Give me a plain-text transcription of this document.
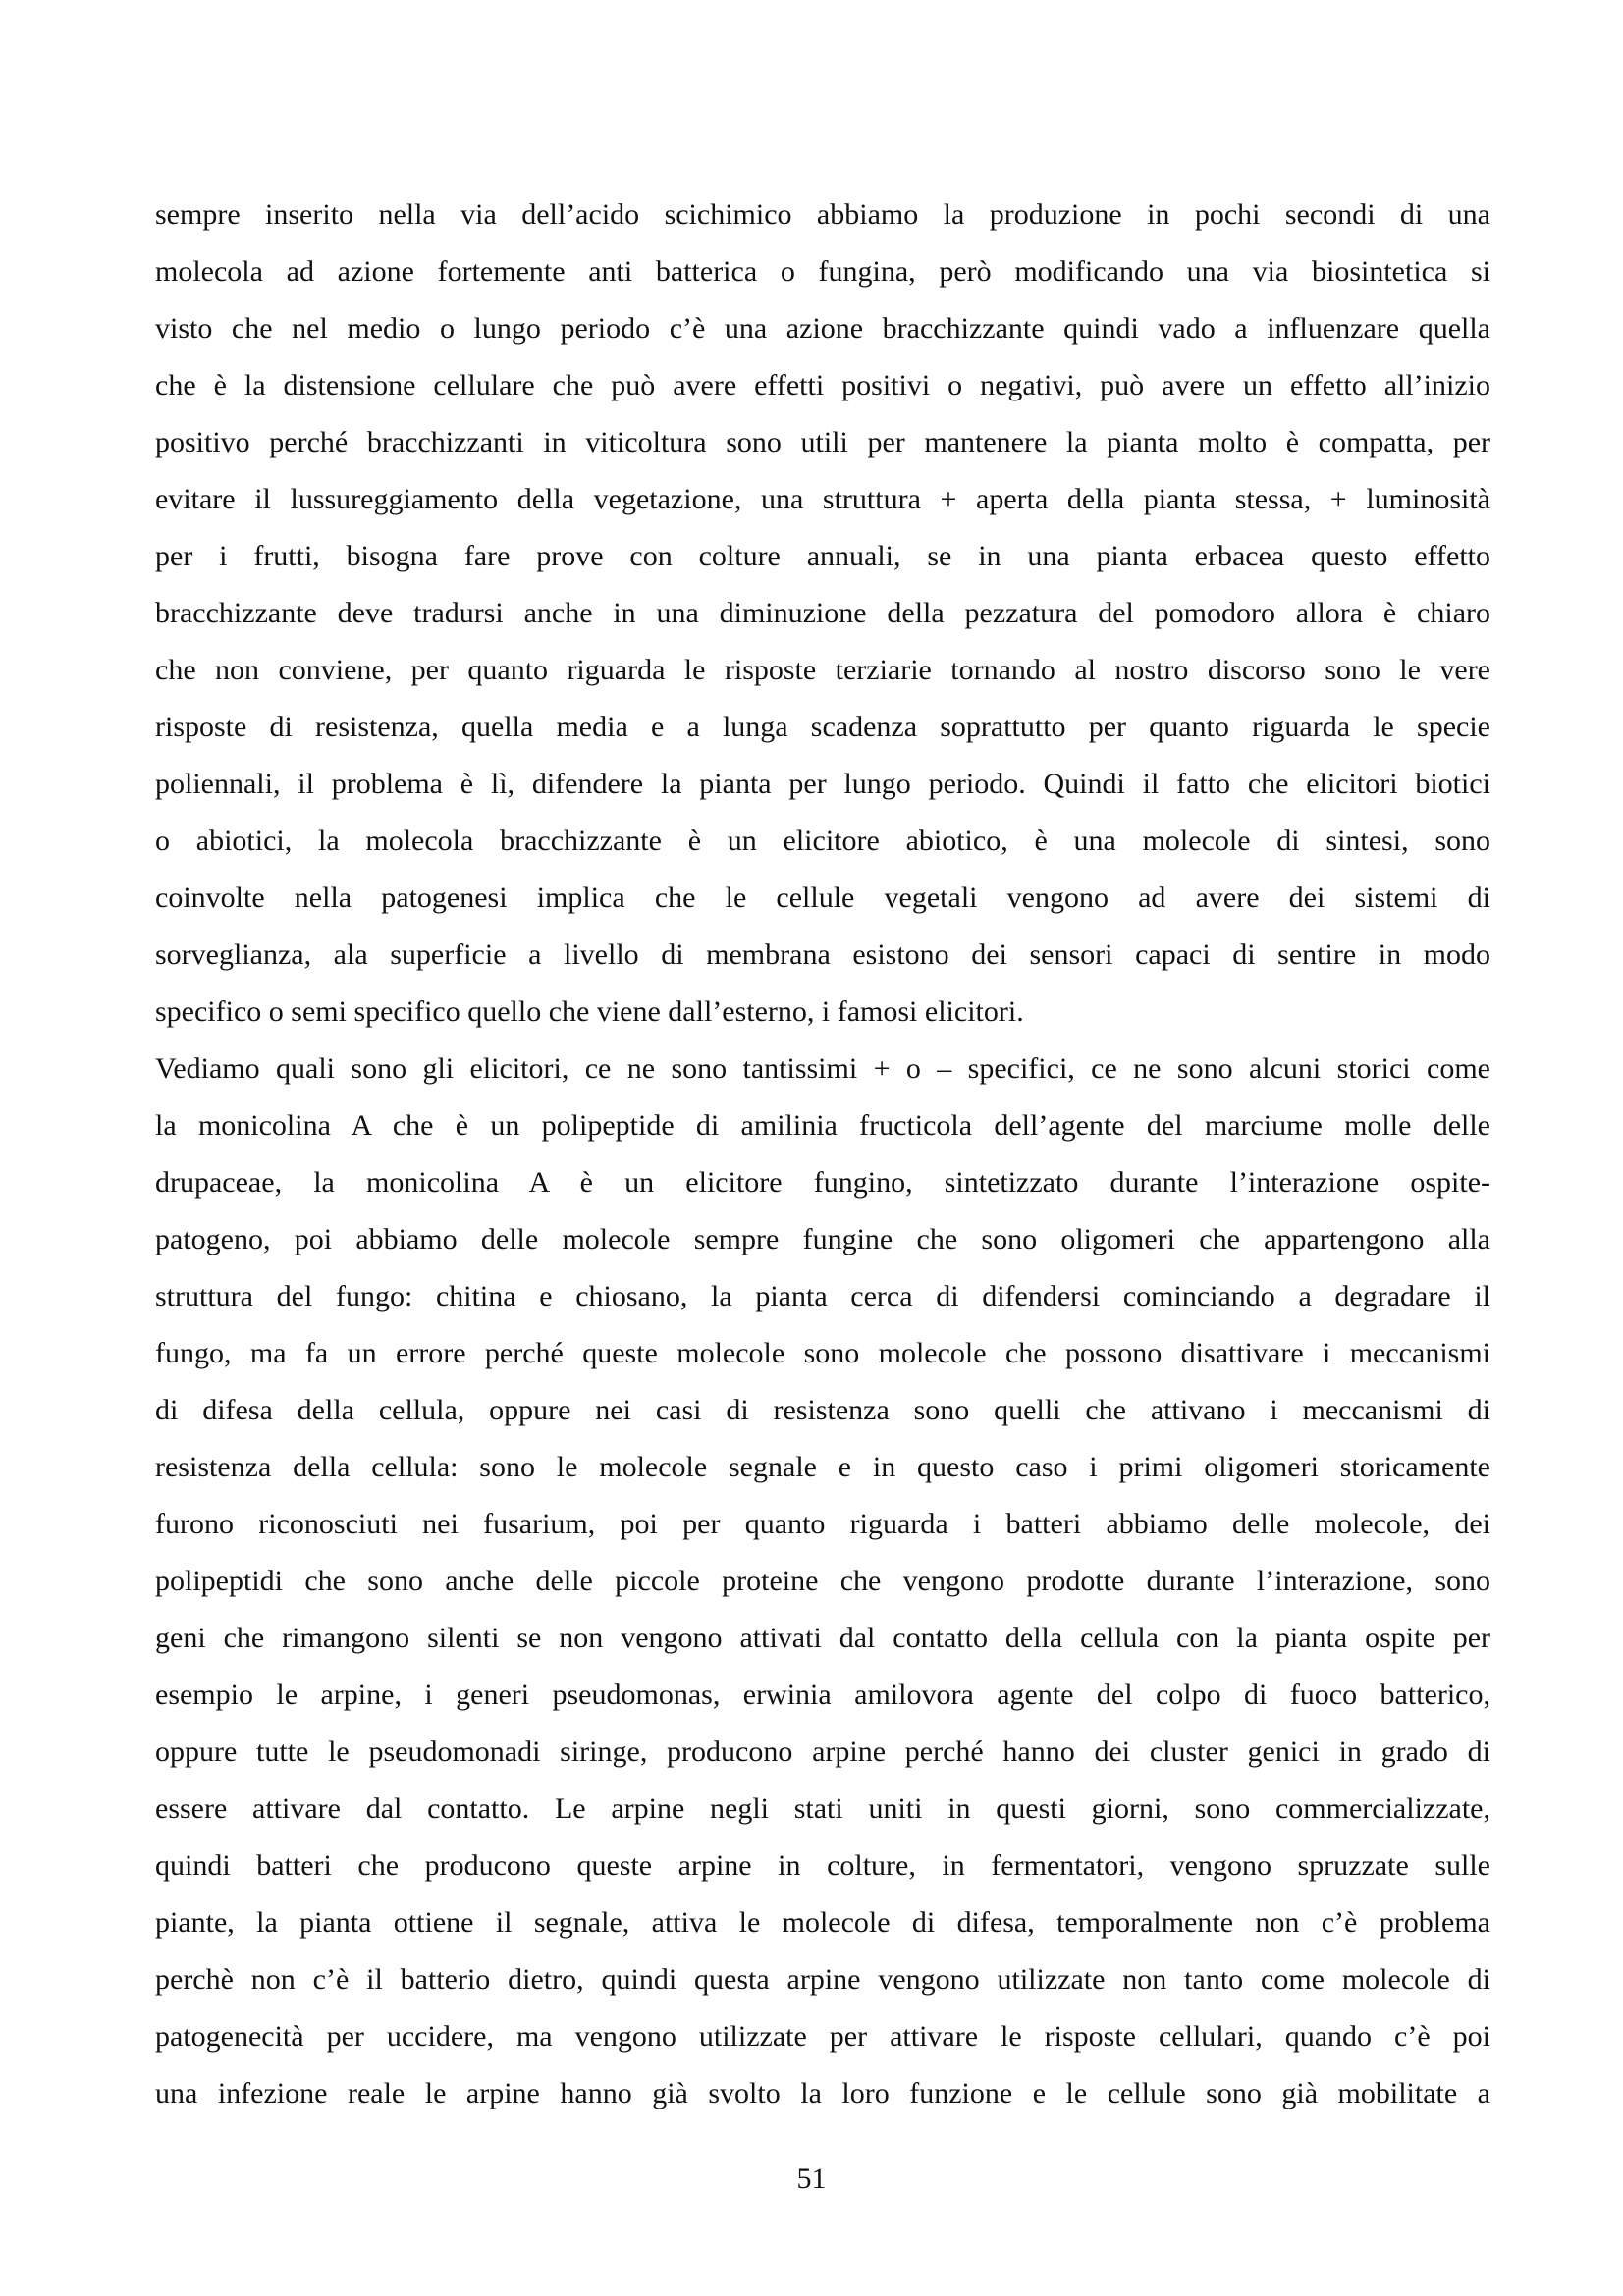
sempre inserito nella via dell’acido scichimico abbiamo la produzione in pochi secondi di una
molecola ad azione fortemente anti batterica o fungina, però modificando una via biosintetica si
visto che nel medio o lungo periodo c’è una azione bracchizzante quindi vado a influenzare quella
che è la distensione cellulare che può avere effetti positivi o negativi, può avere un effetto all’inizio
positivo perché bracchizzanti in viticoltura sono utili per mantenere la pianta molto è compatta, per
evitare il lussureggiamento della vegetazione, una struttura + aperta della pianta stessa, + luminosità
per i frutti, bisogna fare prove con colture annuali, se in una pianta erbacea questo effetto
bracchizzante deve tradursi anche in una diminuzione della pezzatura del pomodoro allora è chiaro
che non conviene, per quanto riguarda le risposte terziarie tornando al nostro discorso sono le vere
risposte di resistenza, quella media e a lunga scadenza soprattutto per quanto riguarda le specie
poliennali, il problema è lì, difendere la pianta per lungo periodo. Quindi il fatto che elicitori biotici
o abiotici, la molecola bracchizzante è un elicitore abiotico, è una molecole di sintesi, sono
coinvolte nella patogenesi implica che le cellule vegetali vengono ad avere dei sistemi di
sorveglianza, ala superficie a livello di membrana esistono dei sensori capaci di sentire in modo
specifico o semi specifico quello che viene dall’esterno, i famosi elicitori.
Vediamo quali sono gli elicitori, ce ne sono tantissimi + o – specifici, ce ne sono alcuni storici come
la monicolina A che è un polipeptide di amilinia fructicola dell’agente del marciume molle delle
drupaceae, la monicolina A è un elicitore fungino, sintetizzato durante l’interazione ospite-
patogeno, poi abbiamo delle molecole sempre fungine che sono oligomeri che appartengono alla
struttura del fungo: chitina e chiosano, la pianta cerca di difendersi cominciando a degradare il
fungo, ma fa un errore perché queste molecole sono molecole che possono disattivare i meccanismi
di difesa della cellula, oppure nei casi di resistenza sono quelli che attivano i meccanismi di
resistenza della cellula: sono le molecole segnale e in questo caso i primi oligomeri storicamente
furono riconosciuti nei fusarium, poi per quanto riguarda i batteri abbiamo delle molecole, dei
polipeptidi che sono anche delle piccole proteine che vengono prodotte durante l’interazione, sono
geni che rimangono silenti se non vengono attivati dal contatto della cellula con la pianta ospite per
esempio le arpine, i generi pseudomonas, erwinia amilovora agente del colpo di fuoco batterico,
oppure tutte le pseudomonadi siringe, producono arpine perché hanno dei cluster genici in grado di
essere attivare dal contatto. Le arpine negli stati uniti in questi giorni, sono commercializzate,
quindi batteri che producono queste arpine in colture, in fermentatori, vengono spruzzate sulle
piante, la pianta ottiene il segnale, attiva le molecole di difesa, temporalmente non c’è problema
perchè non c’è il batterio dietro, quindi questa arpine vengono utilizzate non tanto come molecole di
patogenecità per uccidere, ma vengono utilizzate per attivare le risposte cellulari, quando c’è poi
una infezione reale le arpine hanno già svolto la loro funzione e le cellule sono già mobilitate a
51
